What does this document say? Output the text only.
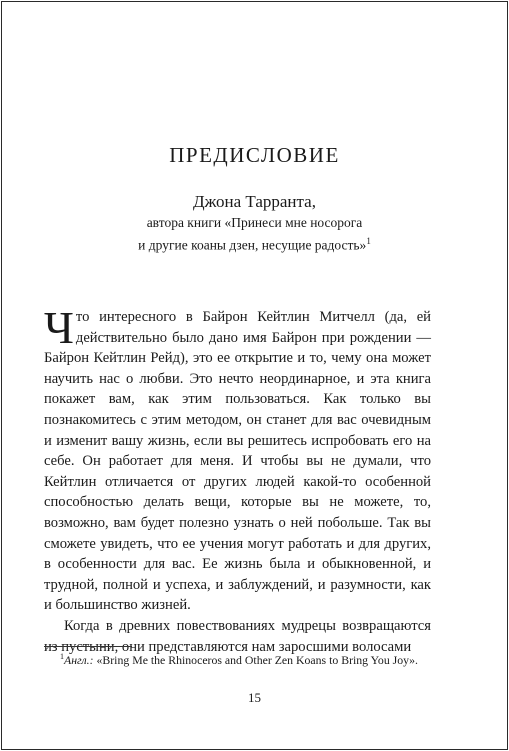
ПРЕДИСЛОВИЕ
Джона Тарранта,
автора книги «Принеси мне носорога
и другие коаны дзен, несущие радость»$^1$

Что интересного в Байрон Кейтлин Митчелл (да, ей действительно было дано имя Байрон при рождении — Байрон Кейтлин Рейд), это ее открытие и то, чему она может научить нас о любви. Это нечто неординарное, и эта книга покажет вам, как этим пользоваться. Как только вы познакомитесь с этим методом, он станет для вас очевидным и изменит вашу жизнь, если вы решитесь испробовать его на себе. Он работает для меня. И чтобы вы не думали, что Кейтлин отличается от других людей какой-то особенной способностью делать вещи, которые вы не можете, то, возможно, вам будет полезно узнать о ней побольше. Так вы сможете увидеть, что ее учения могут работать и для других, в особенности для вас. Ее жизнь была и обыкновенной, и трудной, полной и успеха, и заблуждений, и разумности, как и большинство жизней.

Когда в древних повествованиях мудрецы возвращаются из пустыни, они представляются нам заросшими волосами

$^1$Англ.: «Bring Me the Rhinoceros and Other Zen Koans to Bring You Joy».
15
